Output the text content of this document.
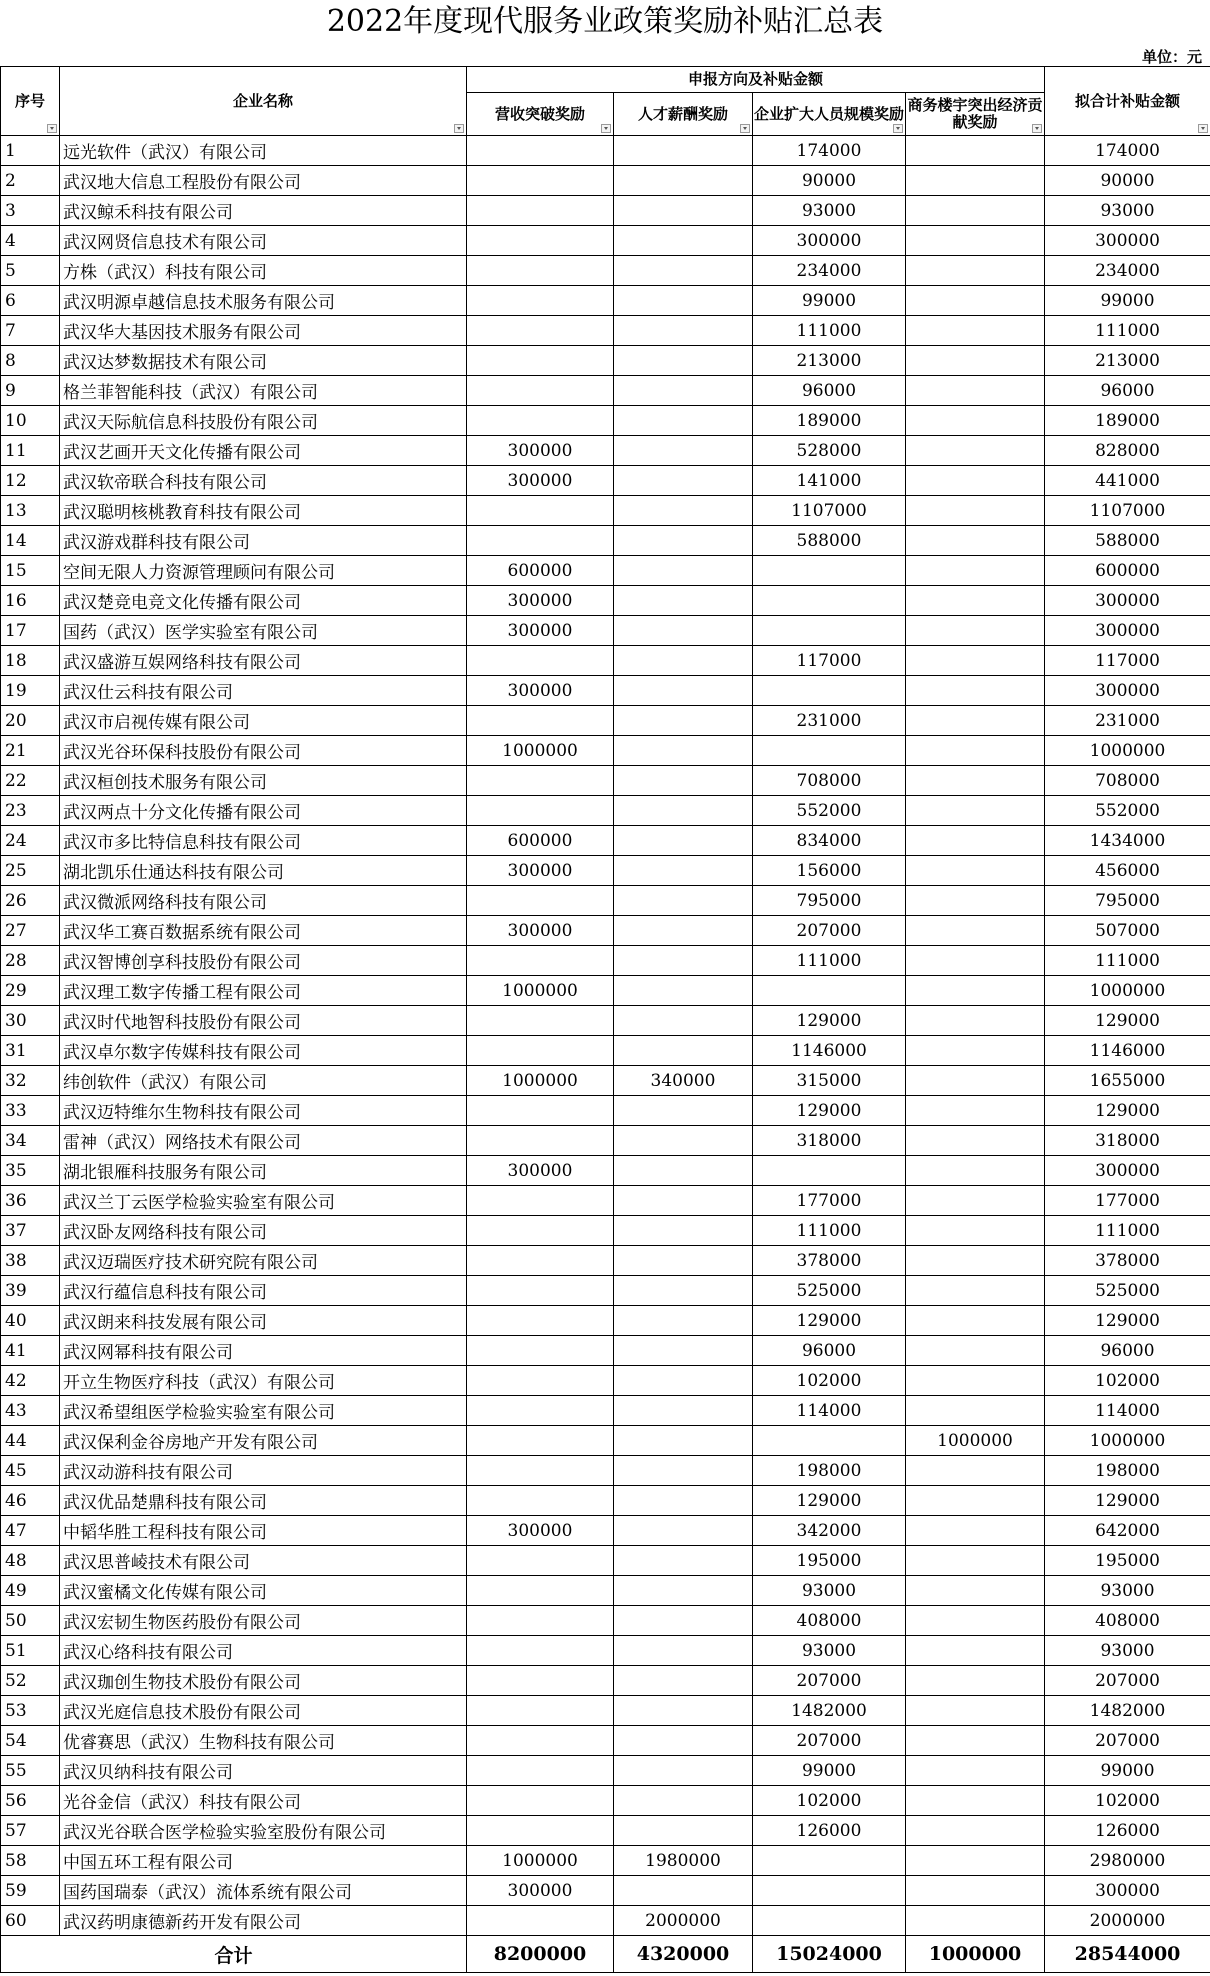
2022年度现代服务业政策奖励补贴汇总表
单位：元
序号	企业名称	申报方向及补贴金额				拟合计补贴金额

		营收突破奖励	人才薪酬奖励	企业扩大人员规模奖励	商务楼宇突出经济贡献奖励	

1	远光软件（武汉）有限公司			174000		174000
2	武汉地大信息工程股份有限公司			90000		90000
3	武汉鲸禾科技有限公司			93000		93000
4	武汉网贤信息技术有限公司			300000		300000
5	方株（武汉）科技有限公司			234000		234000
6	武汉明源卓越信息技术服务有限公司			99000		99000
7	武汉华大基因技术服务有限公司			111000		111000
8	武汉达梦数据技术有限公司			213000		213000
9	格兰菲智能科技（武汉）有限公司			96000		96000
10	武汉天际航信息科技股份有限公司			189000		189000
11	武汉艺画开天文化传播有限公司	300000		528000		828000
12	武汉软帝联合科技有限公司	300000		141000		441000
13	武汉聪明核桃教育科技有限公司			1107000		1107000
14	武汉游戏群科技有限公司			588000		588000
15	空间无限人力资源管理顾问有限公司	600000				600000
16	武汉楚竞电竞文化传播有限公司	300000				300000
17	国药（武汉）医学实验室有限公司	300000				300000
18	武汉盛游互娱网络科技有限公司			117000		117000
19	武汉仕云科技有限公司	300000				300000
20	武汉市启视传媒有限公司			231000		231000
21	武汉光谷环保科技股份有限公司	1000000				1000000
22	武汉桓创技术服务有限公司			708000		708000
23	武汉两点十分文化传播有限公司			552000		552000
24	武汉市多比特信息科技有限公司	600000		834000		1434000
25	湖北凯乐仕通达科技有限公司	300000		156000		456000
26	武汉微派网络科技有限公司			795000		795000
27	武汉华工赛百数据系统有限公司	300000		207000		507000
28	武汉智博创享科技股份有限公司			111000		111000
29	武汉理工数字传播工程有限公司	1000000				1000000
30	武汉时代地智科技股份有限公司			129000		129000
31	武汉卓尔数字传媒科技有限公司			1146000		1146000
32	纬创软件（武汉）有限公司	1000000	340000	315000		1655000
33	武汉迈特维尔生物科技有限公司			129000		129000
34	雷神（武汉）网络技术有限公司			318000		318000
35	湖北银雁科技服务有限公司	300000				300000
36	武汉兰丁云医学检验实验室有限公司			177000		177000
37	武汉卧友网络科技有限公司			111000		111000
38	武汉迈瑞医疗技术研究院有限公司			378000		378000
39	武汉行蕴信息科技有限公司			525000		525000
40	武汉朗来科技发展有限公司			129000		129000
41	武汉网幂科技有限公司			96000		96000
42	开立生物医疗科技（武汉）有限公司			102000		102000
43	武汉希望组医学检验实验室有限公司			114000		114000
44	武汉保利金谷房地产开发有限公司				1000000	1000000
45	武汉动游科技有限公司			198000		198000
46	武汉优品楚鼎科技有限公司			129000		129000
47	中韬华胜工程科技有限公司	300000		342000		642000
48	武汉思普崚技术有限公司			195000		195000
49	武汉蜜橘文化传媒有限公司			93000		93000
50	武汉宏韧生物医药股份有限公司			408000		408000
51	武汉心络科技有限公司			93000		93000
52	武汉珈创生物技术股份有限公司			207000		207000
53	武汉光庭信息技术股份有限公司			1482000		1482000
54	优睿赛思（武汉）生物科技有限公司			207000		207000
55	武汉贝纳科技有限公司			99000		99000
56	光谷金信（武汉）科技有限公司			102000		102000
57	武汉光谷联合医学检验实验室股份有限公司			126000		126000
58	中国五环工程有限公司	1000000	1980000			2980000
59	国药国瑞泰（武汉）流体系统有限公司	300000				300000
60	武汉药明康德新药开发有限公司		2000000			2000000
合计		8200000	4320000	15024000	1000000	28544000
